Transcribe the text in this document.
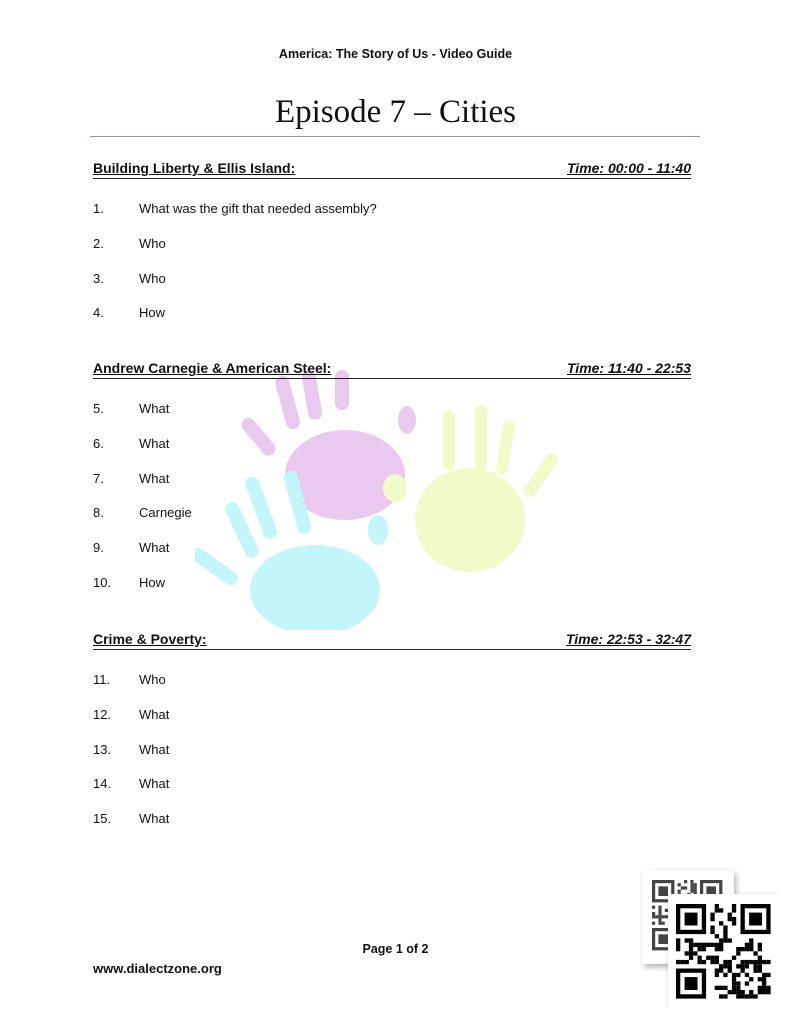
America: The Story of Us - Video Guide
Episode 7 – Cities
Building Liberty & Ellis Island:	Time: 00:00 - 11:40
1.	What was the gift that needed assembly?
2.	Who
3.	Who
4.	How
Andrew Carnegie & American Steel:	Time: 11:40 - 22:53
5.	What
6.	What
7.	What
8.	Carnegie
9.	What
10.	How
Crime & Poverty:	Time: 22:53 - 32:47
11.	Who
12.	What
13.	What
14.	What
15.	What
Page 1 of 2
www.dialectzone.org
